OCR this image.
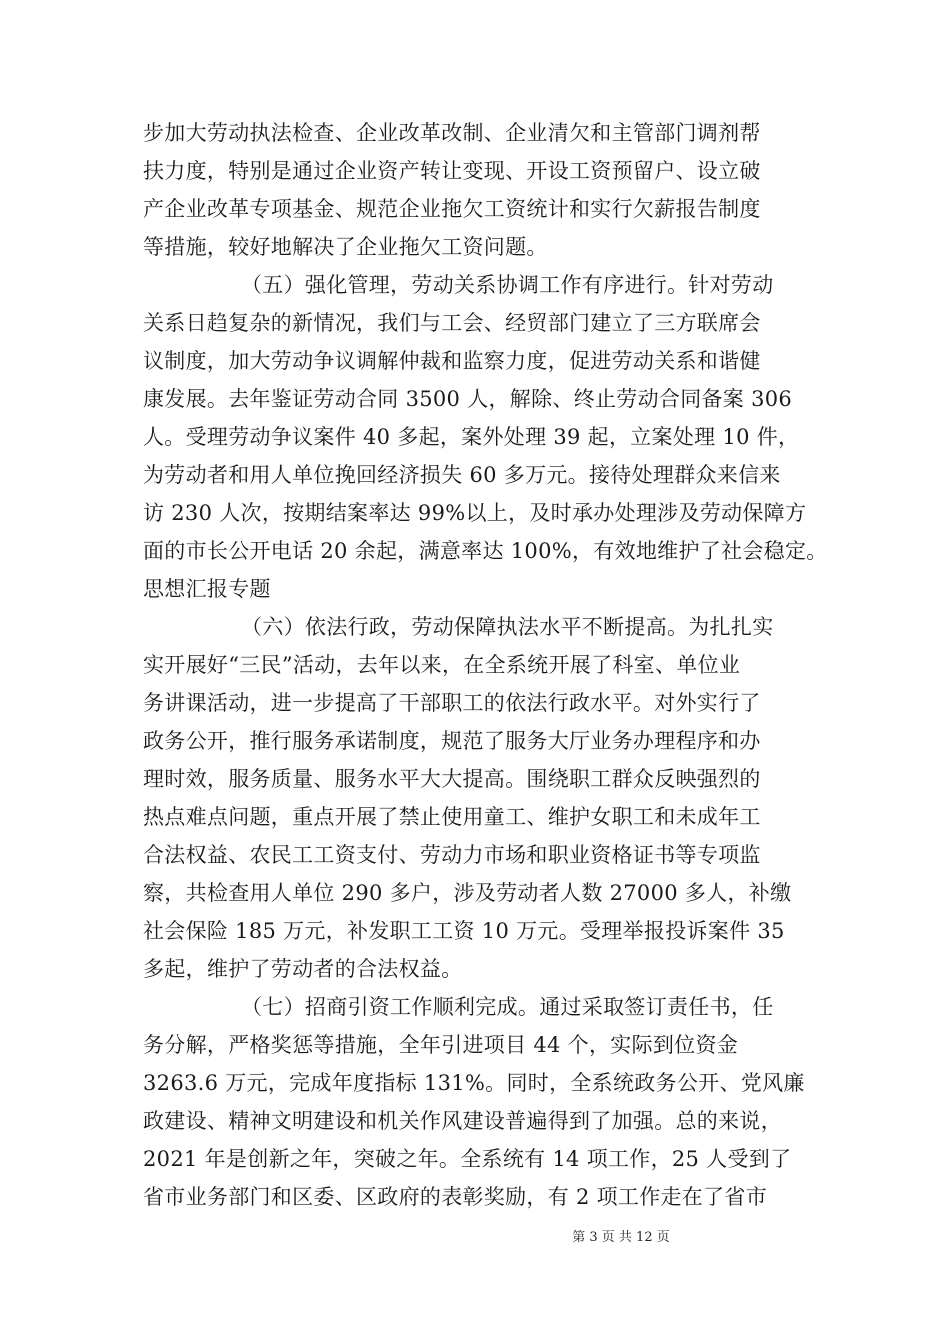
步加大劳动执法检查、企业改革改制、企业清欠和主管部门调剂帮
扶力度，特别是通过企业资产转让变现、开设工资预留户、设立破
产企业改革专项基金、规范企业拖欠工资统计和实行欠薪报告制度
等措施，较好地解决了企业拖欠工资问题。
（五）强化管理，劳动关系协调工作有序进行。针对劳动
关系日趋复杂的新情况，我们与工会、经贸部门建立了三方联席会
议制度，加大劳动争议调解仲裁和监察力度，促进劳动关系和谐健
康发展。去年鉴证劳动合同 3500 人，解除、终止劳动合同备案 306
人。受理劳动争议案件 40 多起，案外处理 39 起，立案处理 10 件，
为劳动者和用人单位挽回经济损失 60 多万元。接待处理群众来信来
访 230 人次，按期结案率达 99%以上，及时承办处理涉及劳动保障方
面的市长公开电话 20 余起，满意率达 100%，有效地维护了社会稳定。
思想汇报专题
（六）依法行政，劳动保障执法水平不断提高。为扎扎实
实开展好“三民”活动，去年以来，在全系统开展了科室、单位业
务讲课活动，进一步提高了干部职工的依法行政水平。对外实行了
政务公开，推行服务承诺制度，规范了服务大厅业务办理程序和办
理时效，服务质量、服务水平大大提高。围绕职工群众反映强烈的
热点难点问题，重点开展了禁止使用童工、维护女职工和未成年工
合法权益、农民工工资支付、劳动力市场和职业资格证书等专项监
察，共检查用人单位 290 多户，涉及劳动者人数 27000 多人，补缴
社会保险 185 万元，补发职工工资 10 万元。受理举报投诉案件 35
多起，维护了劳动者的合法权益。
（七）招商引资工作顺利完成。通过采取签订责任书，任
务分解，严格奖惩等措施，全年引进项目 44 个，实际到位资金
3263.6 万元，完成年度指标 131%。同时，全系统政务公开、党风廉
政建设、精神文明建设和机关作风建设普遍得到了加强。总的来说，
2021 年是创新之年，突破之年。全系统有 14 项工作，25 人受到了
省市业务部门和区委、区政府的表彰奖励，有 2 项工作走在了省市
第 3 页 共 12 页
